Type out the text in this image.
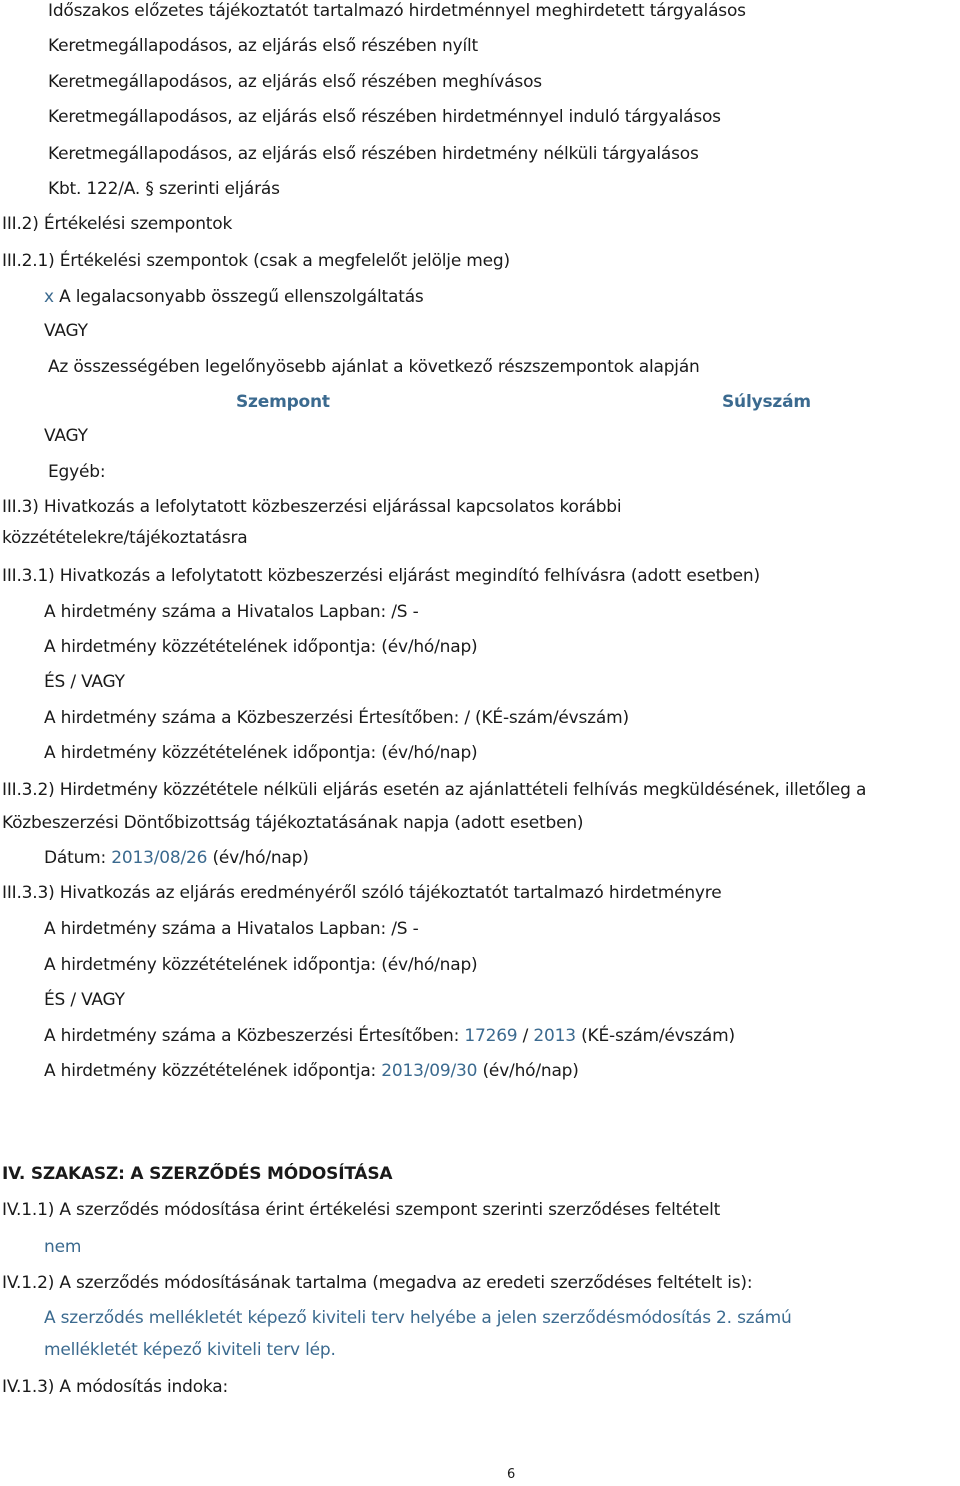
Időszakos előzetes tájékoztatót tartalmazó hirdetménnyel meghirdetett tárgyalásos
Keretmegállapodásos, az eljárás első részében nyílt
Keretmegállapodásos, az eljárás első részében meghívásos
Keretmegállapodásos, az eljárás első részében hirdetménnyel induló tárgyalásos
Keretmegállapodásos, az eljárás első részében hirdetmény nélküli tárgyalásos
Kbt. 122/A. § szerinti eljárás
III.2) Értékelési szempontok
III.2.1) Értékelési szempontok (csak a megfelelőt jelölje meg)
x A legalacsonyabb összegű ellenszolgáltatás
VAGY
Az összességében legelőnyösebb ajánlat a következő részszempontok alapján
Szempont	Súlyszám
VAGY
Egyéb:
III.3) Hivatkozás a lefolytatott közbeszerzési eljárással kapcsolatos korábbi
közzétételekre/tájékoztatásra
III.3.1) Hivatkozás a lefolytatott közbeszerzési eljárást megindító felhívásra (adott esetben)
A hirdetmény száma a Hivatalos Lapban: /S -
A hirdetmény közzétételének időpontja: (év/hó/nap)
ÉS / VAGY
A hirdetmény száma a Közbeszerzési Értesítőben: / (KÉ-szám/évszám)
A hirdetmény közzétételének időpontja: (év/hó/nap)
III.3.2) Hirdetmény közzététele nélküli eljárás esetén az ajánlattételi felhívás megküldésének, illetőleg a
Közbeszerzési Döntőbizottság tájékoztatásának napja (adott esetben)
Dátum: 2013/08/26 (év/hó/nap)
III.3.3) Hivatkozás az eljárás eredményéről szóló tájékoztatót tartalmazó hirdetményre
A hirdetmény száma a Hivatalos Lapban: /S -
A hirdetmény közzétételének időpontja: (év/hó/nap)
ÉS / VAGY
A hirdetmény száma a Közbeszerzési Értesítőben: 17269 / 2013 (KÉ-szám/évszám)
A hirdetmény közzétételének időpontja: 2013/09/30 (év/hó/nap)
IV. SZAKASZ: A SZERZŐDÉS MÓDOSÍTÁSA
IV.1.1) A szerződés módosítása érint értékelési szempont szerinti szerződéses feltételt
nem
IV.1.2) A szerződés módosításának tartalma (megadva az eredeti szerződéses feltételt is):
A szerződés mellékletét képező kiviteli terv helyébe a jelen szerződésmódosítás 2. számú
mellékletét képező kiviteli terv lép.
IV.1.3) A módosítás indoka:
6
